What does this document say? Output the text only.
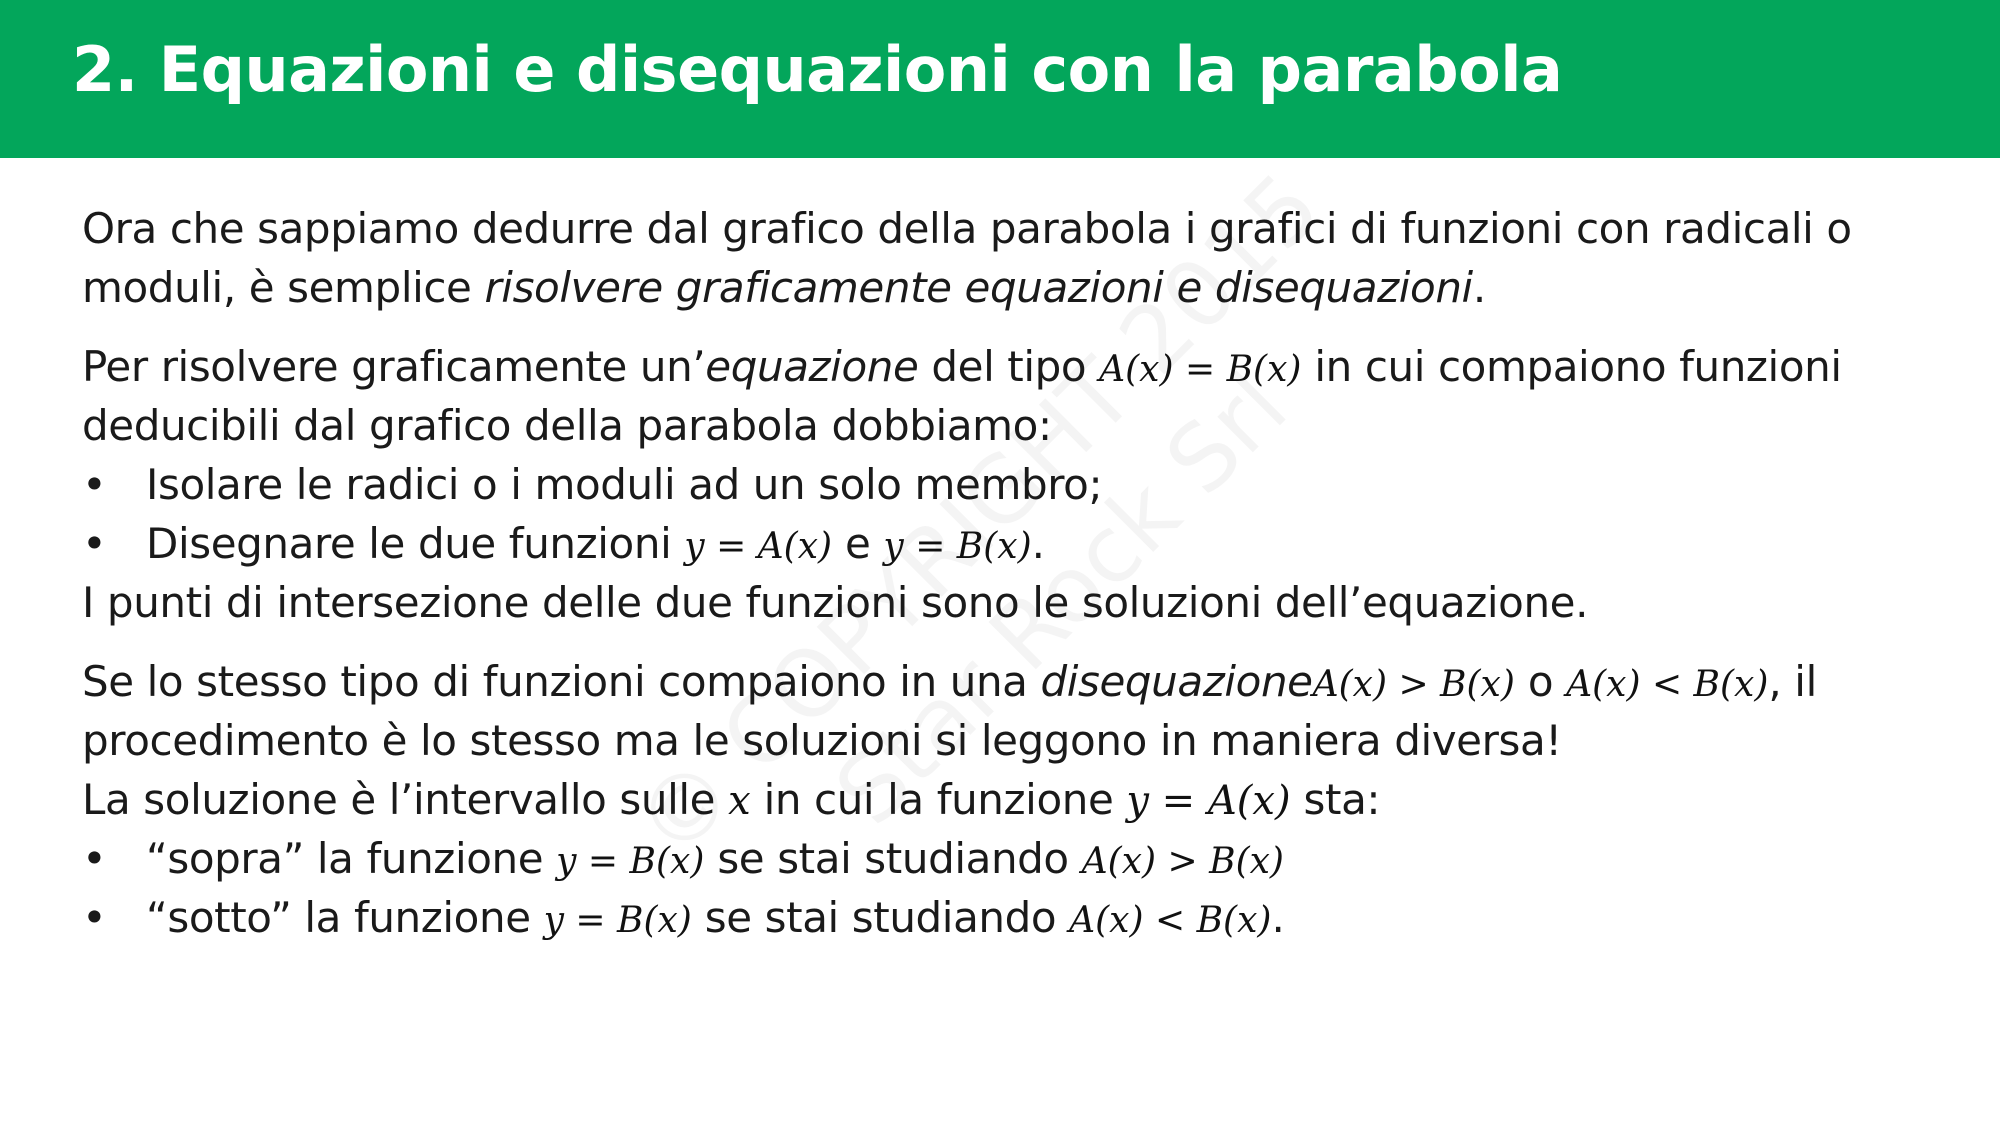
2. Equazioni e disequazioni con la parabola
Ora che sappiamo dedurre dal grafico della parabola i grafici di funzioni con radicali o
moduli, è semplice risolvere graficamente equazioni e disequazioni.
Per risolvere graficamente un’equazione del tipo A(x) = B(x) in cui compaiono funzioni
deducibili dal grafico della parabola dobbiamo:
• Isolare le radici o i moduli ad un solo membro;
• Disegnare le due funzioni y = A(x) e y = B(x).
I punti di intersezione delle due funzioni sono le soluzioni dell’equazione.
Se lo stesso tipo di funzioni compaiono in una disequazioneA(x) > B(x) o A(x) < B(x), il
procedimento è lo stesso ma le soluzioni si leggono in maniera diversa!
La soluzione è l’intervallo sulle x in cui la funzione y = A(x) sta:
• “sopra” la funzione y = B(x) se stai studiando A(x) > B(x)
• “sotto” la funzione y = B(x) se stai studiando A(x) < B(x).
